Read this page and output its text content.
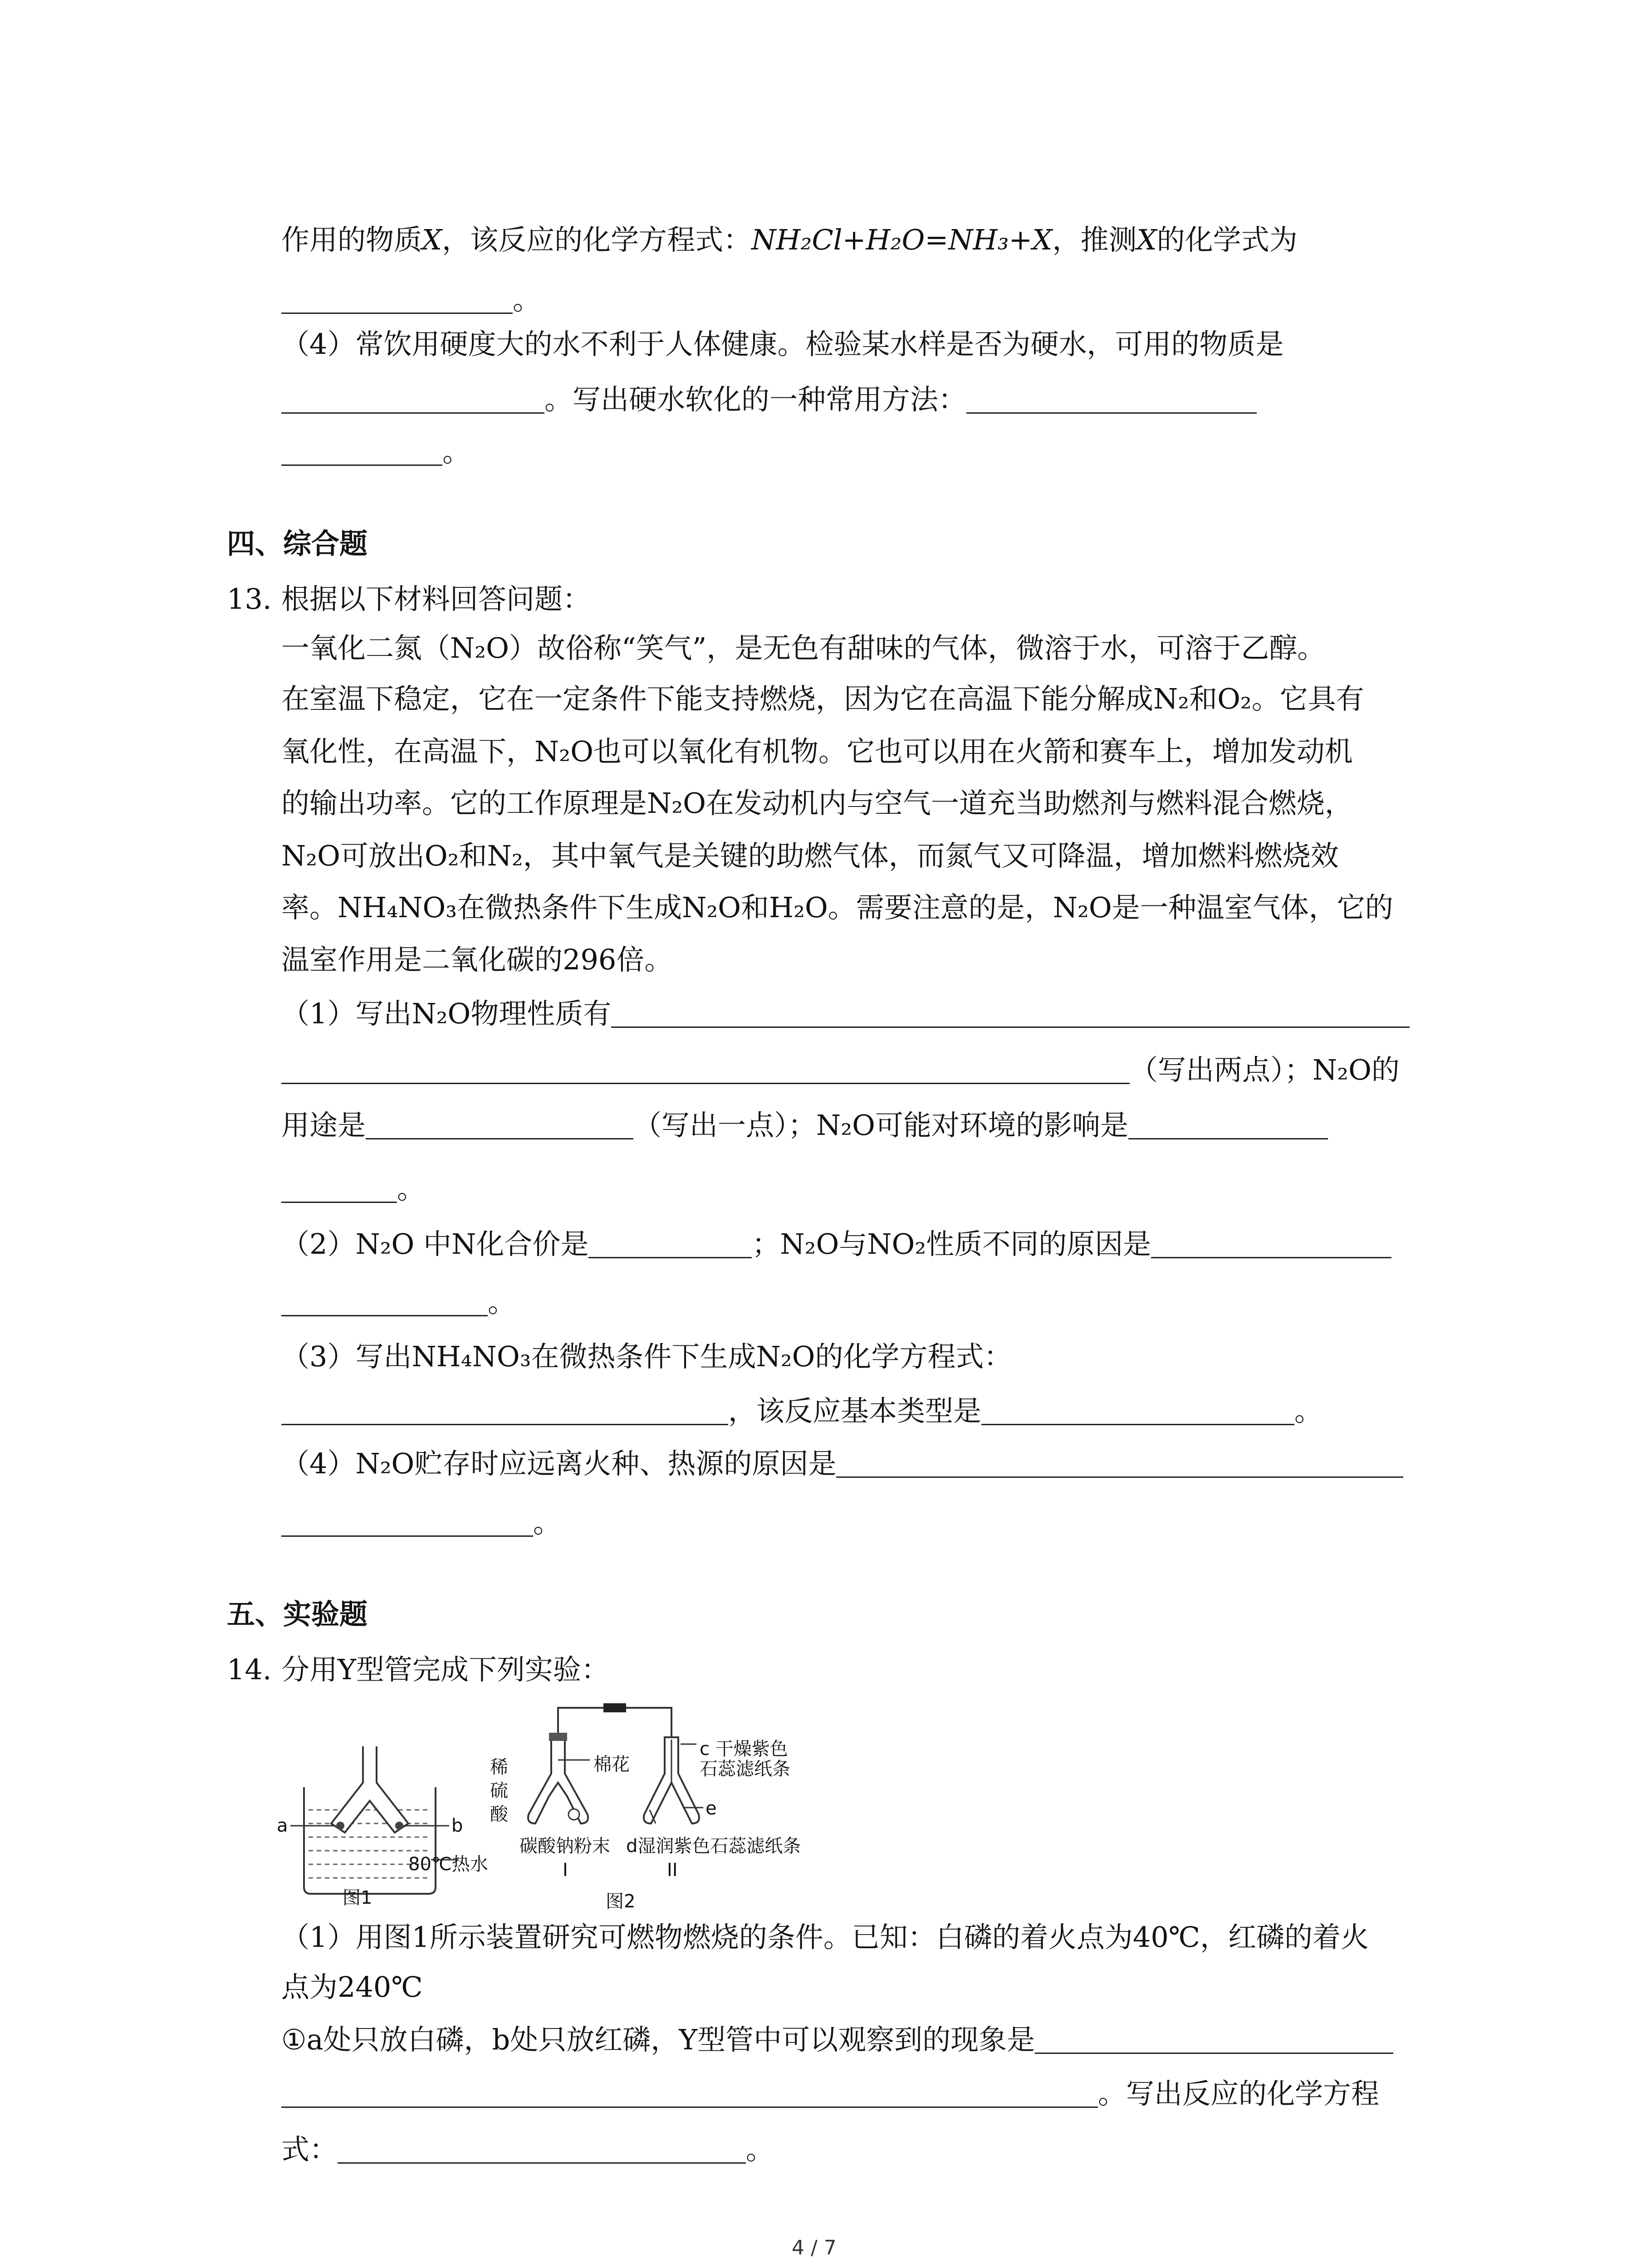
作用的物质X，该反应的化学方程式：NH₂Cl+H₂O=NH₃+X，推测X的化学式为
。
（4）常饮用硬度大的水不利于人体健康。检验某水样是否为硬水，可用的物质是
。写出硬水软化的一种常用方法：
。
四、综合题
13. 根据以下材料回答问题：
一氧化二氮（N₂O）故俗称“笑气”，是无色有甜味的气体，微溶于水，可溶于乙醇。
在室温下稳定，它在一定条件下能支持燃烧，因为它在高温下能分解成N₂和O₂。它具有
氧化性，在高温下，N₂O也可以氧化有机物。它也可以用在火箭和赛车上，增加发动机
的输出功率。它的工作原理是N₂O在发动机内与空气一道充当助燃剂与燃料混合燃烧，
N₂O可放出O₂和N₂，其中氧气是关键的助燃气体，而氮气又可降温，增加燃料燃烧效
率。NH₄NO₃在微热条件下生成N₂O和H₂O。需要注意的是，N₂O是一种温室气体，它的
温室作用是二氧化碳的296倍。
（1）写出N₂O物理性质有
（写出两点）；N₂O的
用途是	（写出一点）；N₂O可能对环境的影响是
。
（2）N₂O 中N化合价是	；N₂O与NO₂性质不同的原因是
。
（3）写出NH₄NO₃在微热条件下生成N₂O的化学方程式：
，该反应基本类型是	。
（4）N₂O贮存时应远离火种、热源的原因是
。
五、实验题
14. 分用Y型管完成下列实验：
a	b
80℃热水
图1
稀
硫
酸
棉花
c 干燥紫色
石蕊滤纸条
e
碳酸钠粉末 d湿润紫色石蕊滤纸条
I	II
图2
（1）用图1所示装置研究可燃物燃烧的条件。已知：白磷的着火点为40℃，红磷的着火
点为240℃
①a处只放白磷，b处只放红磷，Y型管中可以观察到的现象是
。写出反应的化学方程
式：	。
4 / 7
